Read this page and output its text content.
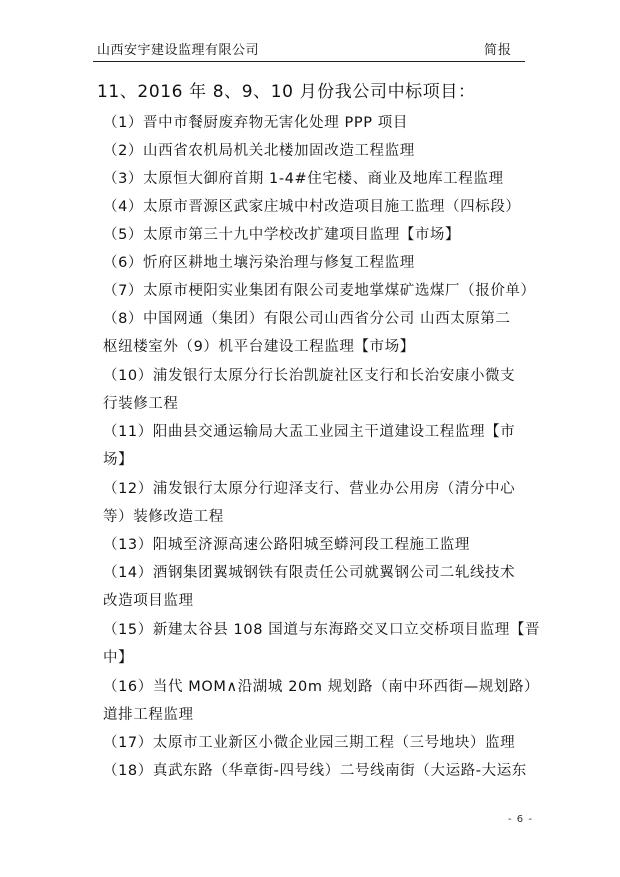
山西安宇建设监理有限公司	简报
11、2016 年 8、9、10 月份我公司中标项目：
（1）晋中市餐厨废弃物无害化处理 PPP 项目
（2）山西省农机局机关北楼加固改造工程监理
（3）太原恒大御府首期 1-4#住宅楼、商业及地库工程监理
（4）太原市晋源区武家庄城中村改造项目施工监理（四标段）
（5）太原市第三十九中学校改扩建项目监理【市场】
（6）忻府区耕地土壤污染治理与修复工程监理
（7）太原市梗阳实业集团有限公司麦地掌煤矿选煤厂（报价单）
（8）中国网通（集团）有限公司山西省分公司 山西太原第二
枢纽楼室外（9）机平台建设工程监理【市场】
（10）浦发银行太原分行长治凯旋社区支行和长治安康小微支
行装修工程
（11）阳曲县交通运输局大盂工业园主干道建设工程监理【市
场】
（12）浦发银行太原分行迎泽支行、营业办公用房（清分中心
等）装修改造工程
（13）阳城至济源高速公路阳城至蟒河段工程施工监理
（14）酒钢集团翼城钢铁有限责任公司就翼钢公司二轧线技术
改造项目监理
（15）新建太谷县 108 国道与东海路交叉口立交桥项目监理【晋
中】
（16）当代 MOM∧沿湖城 20m 规划路（南中环西街—规划路）
道排工程监理
（17）太原市工业新区小微企业园三期工程（三号地块）监理
（18）真武东路（华章街-四号线）二号线南街（大运路-大运东
- 6 -
